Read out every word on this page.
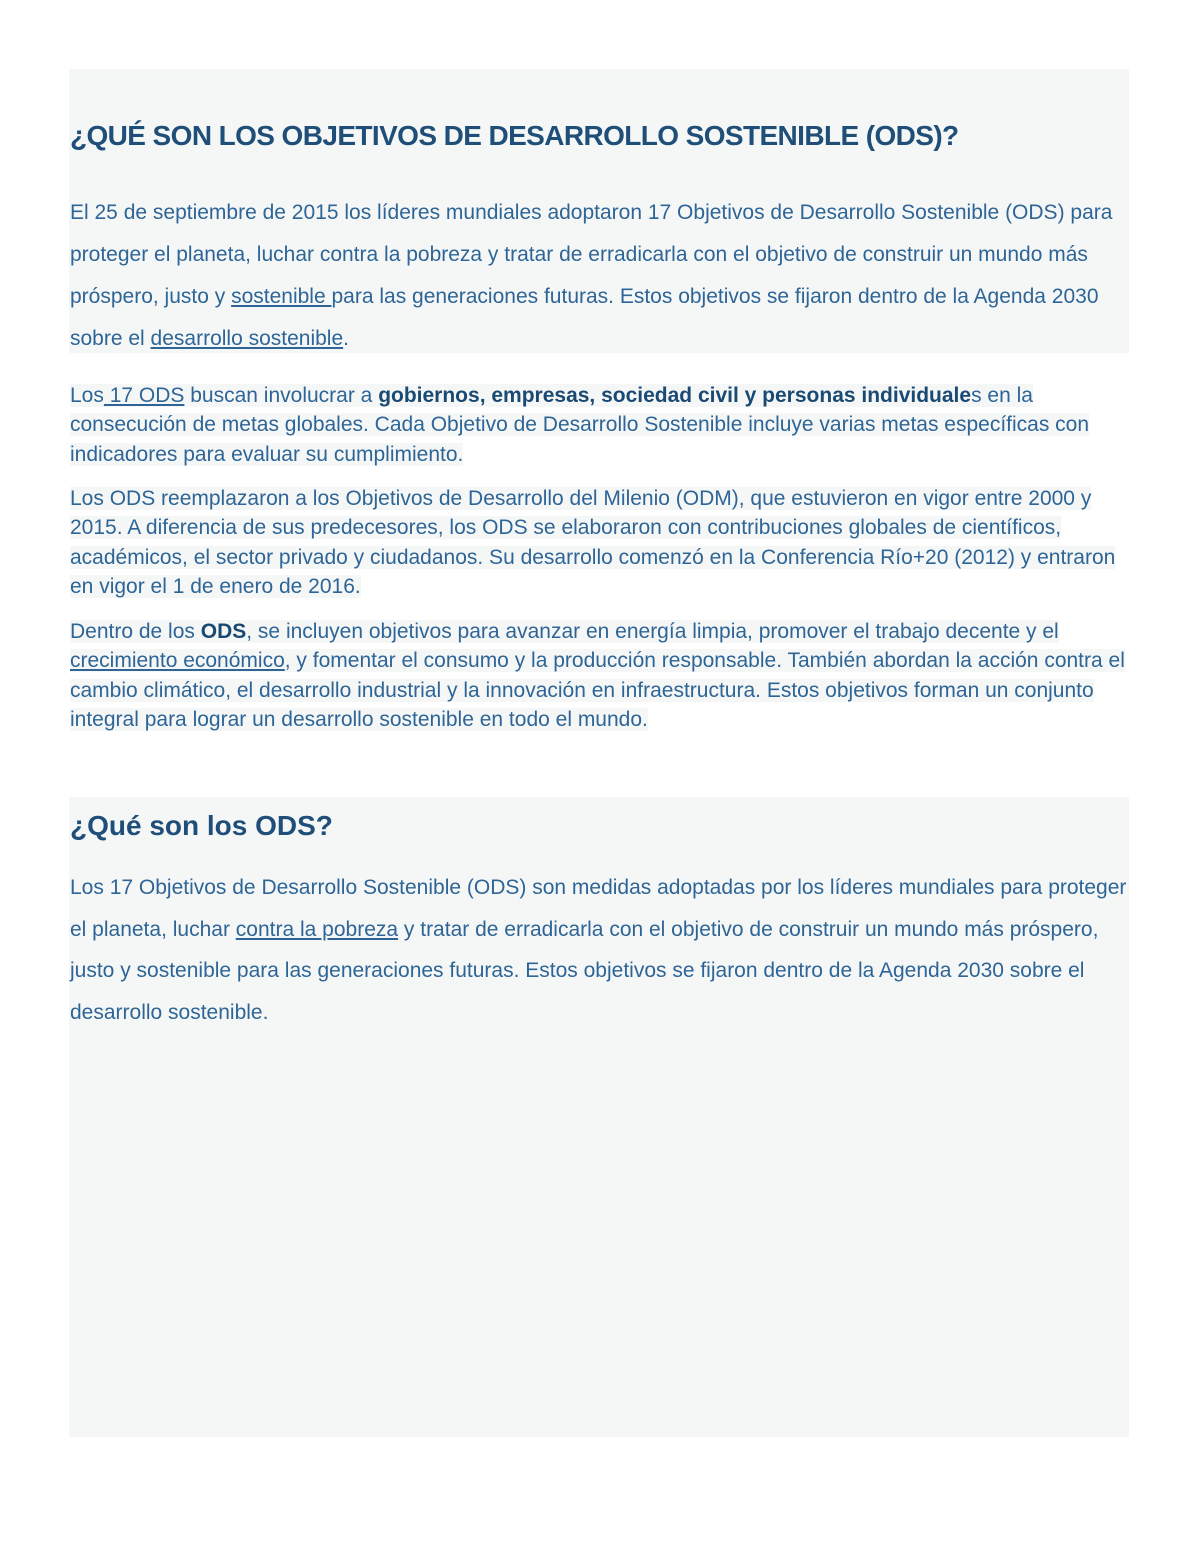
¿QUÉ SON LOS OBJETIVOS DE DESARROLLO SOSTENIBLE (ODS)?

El 25 de septiembre de 2015 los líderes mundiales adoptaron 17 Objetivos de Desarrollo Sostenible (ODS) para proteger el planeta, luchar contra la pobreza y tratar de erradicarla con el objetivo de construir un mundo más próspero, justo y sostenible para las generaciones futuras. Estos objetivos se fijaron dentro de la Agenda 2030 sobre el desarrollo sostenible.

Los 17 ODS buscan involucrar a gobiernos, empresas, sociedad civil y personas individuales en la consecución de metas globales. Cada Objetivo de Desarrollo Sostenible incluye varias metas específicas con indicadores para evaluar su cumplimiento.

Los ODS reemplazaron a los Objetivos de Desarrollo del Milenio (ODM), que estuvieron en vigor entre 2000 y 2015. A diferencia de sus predecesores, los ODS se elaboraron con contribuciones globales de científicos, académicos, el sector privado y ciudadanos. Su desarrollo comenzó en la Conferencia Río+20 (2012) y entraron en vigor el 1 de enero de 2016.

Dentro de los ODS, se incluyen objetivos para avanzar en energía limpia, promover el trabajo decente y el crecimiento económico, y fomentar el consumo y la producción responsable. También abordan la acción contra el cambio climático, el desarrollo industrial y la innovación en infraestructura. Estos objetivos forman un conjunto integral para lograr un desarrollo sostenible en todo el mundo.

¿Qué son los ODS?

Los 17 Objetivos de Desarrollo Sostenible (ODS) son medidas adoptadas por los líderes mundiales para proteger el planeta, luchar contra la pobreza y tratar de erradicarla con el objetivo de construir un mundo más próspero, justo y sostenible para las generaciones futuras. Estos objetivos se fijaron dentro de la Agenda 2030 sobre el desarrollo sostenible.
